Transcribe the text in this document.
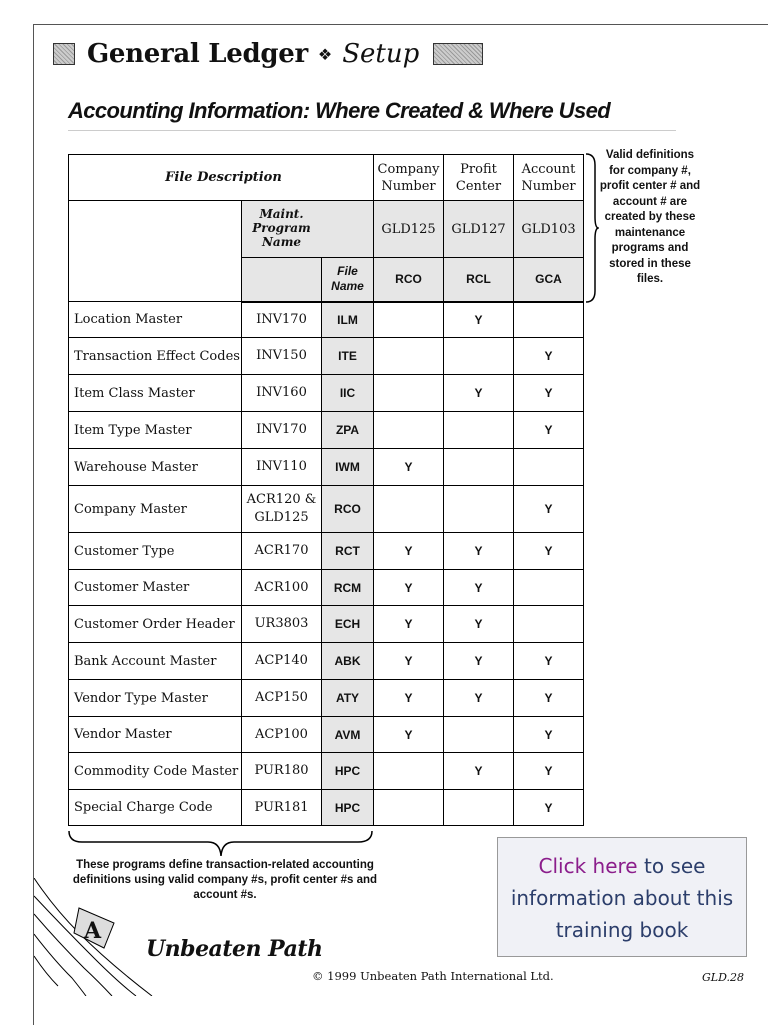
General Ledger ❖ Setup
Accounting Information: Where Created & Where Used
File Description			Company Number	Profit Center	Account Number

	Maint. Program Name		GLD125	GLD127	GLD103
		File Name	RCO	RCL	GCA
Location Master	INV170	ILM		Y	
Transaction Effect Codes	INV150	ITE			Y
Item Class Master	INV160	IIC		Y	Y
Item Type Master	INV170	ZPA			Y
Warehouse Master	INV110	IWM	Y		
Company Master	ACR120 &
GLD125	RCO			Y
Customer Type	ACR170	RCT	Y	Y	Y
Customer Master	ACR100	RCM	Y	Y	
Customer Order Header	UR3803	ECH	Y	Y	
Bank Account Master	ACP140	ABK	Y	Y	Y
Vendor Type Master	ACP150	ATY	Y	Y	Y
Vendor Master	ACP100	AVM	Y		Y
Commodity Code Master	PUR180	HPC		Y	Y
Special Charge Code	PUR181	HPC			Y
Valid definitions for company #, profit center # and account # are created by these maintenance programs and stored in these files.
These programs define transaction-related accounting definitions using valid company #s, profit center #s and account #s.
Click here to see information about this training book
A
Unbeaten Path
© 1999 Unbeaten Path International Ltd.	GLD.28
